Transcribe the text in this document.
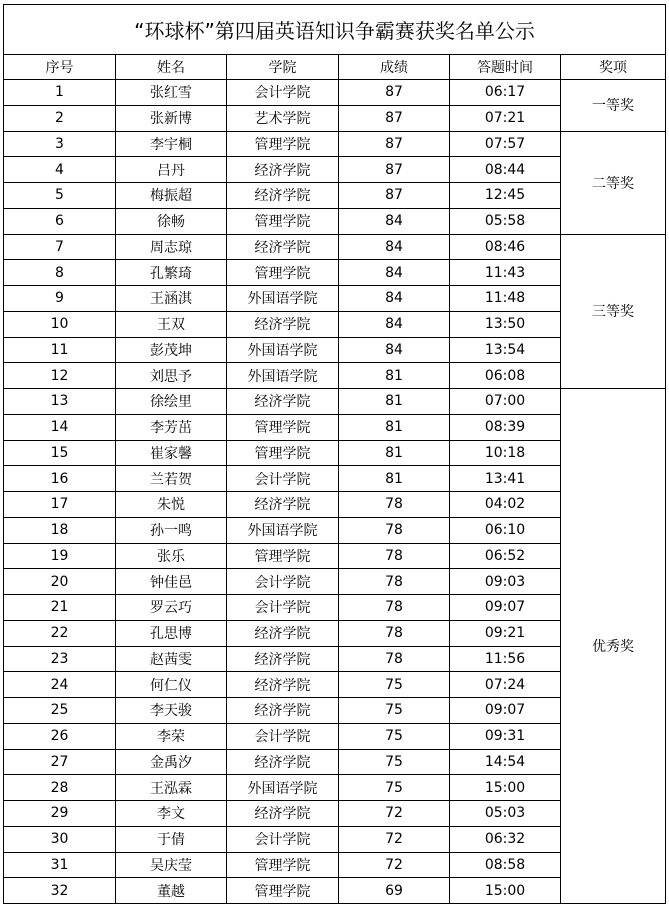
“环球杯”第四届英语知识争霸赛获奖名单公示					
序号	姓名	学院	成绩	答题时间	奖项
1	张红雪	会计学院	87	06:17	一等奖
2	张新博	艺术学院	87	07:21	
3	李宇桐	管理学院	87	07:57	二等奖
4	吕丹	经济学院	87	08:44	
5	梅振超	经济学院	87	12:45	
6	徐畅	管理学院	84	05:58	
7	周志琼	经济学院	84	08:46	三等奖
8	孔繁琦	管理学院	84	11:43	
9	王涵淇	外国语学院	84	11:48	
10	王双	经济学院	84	13:50	
11	彭茂坤	外国语学院	84	13:54	
12	刘思予	外国语学院	81	06:08	
13	徐绘里	经济学院	81	07:00	优秀奖
14	李芳茁	管理学院	81	08:39	
15	崔家馨	管理学院	81	10:18	
16	兰若贺	会计学院	81	13:41	
17	朱悦	经济学院	78	04:02	
18	孙一鸣	外国语学院	78	06:10	
19	张乐	管理学院	78	06:52	
20	钟佳邑	会计学院	78	09:03	
21	罗云巧	会计学院	78	09:07	
22	孔思博	经济学院	78	09:21	
23	赵茜雯	经济学院	78	11:56	
24	何仁仪	经济学院	75	07:24	
25	李天骏	经济学院	75	09:07	
26	李荣	会计学院	75	09:31	
27	金禹汐	经济学院	75	14:54	
28	王泓霖	外国语学院	75	15:00	
29	李文	经济学院	72	05:03	
30	于倩	会计学院	72	06:32	
31	吴庆莹	管理学院	72	08:58	
32	董越	管理学院	69	15:00	
